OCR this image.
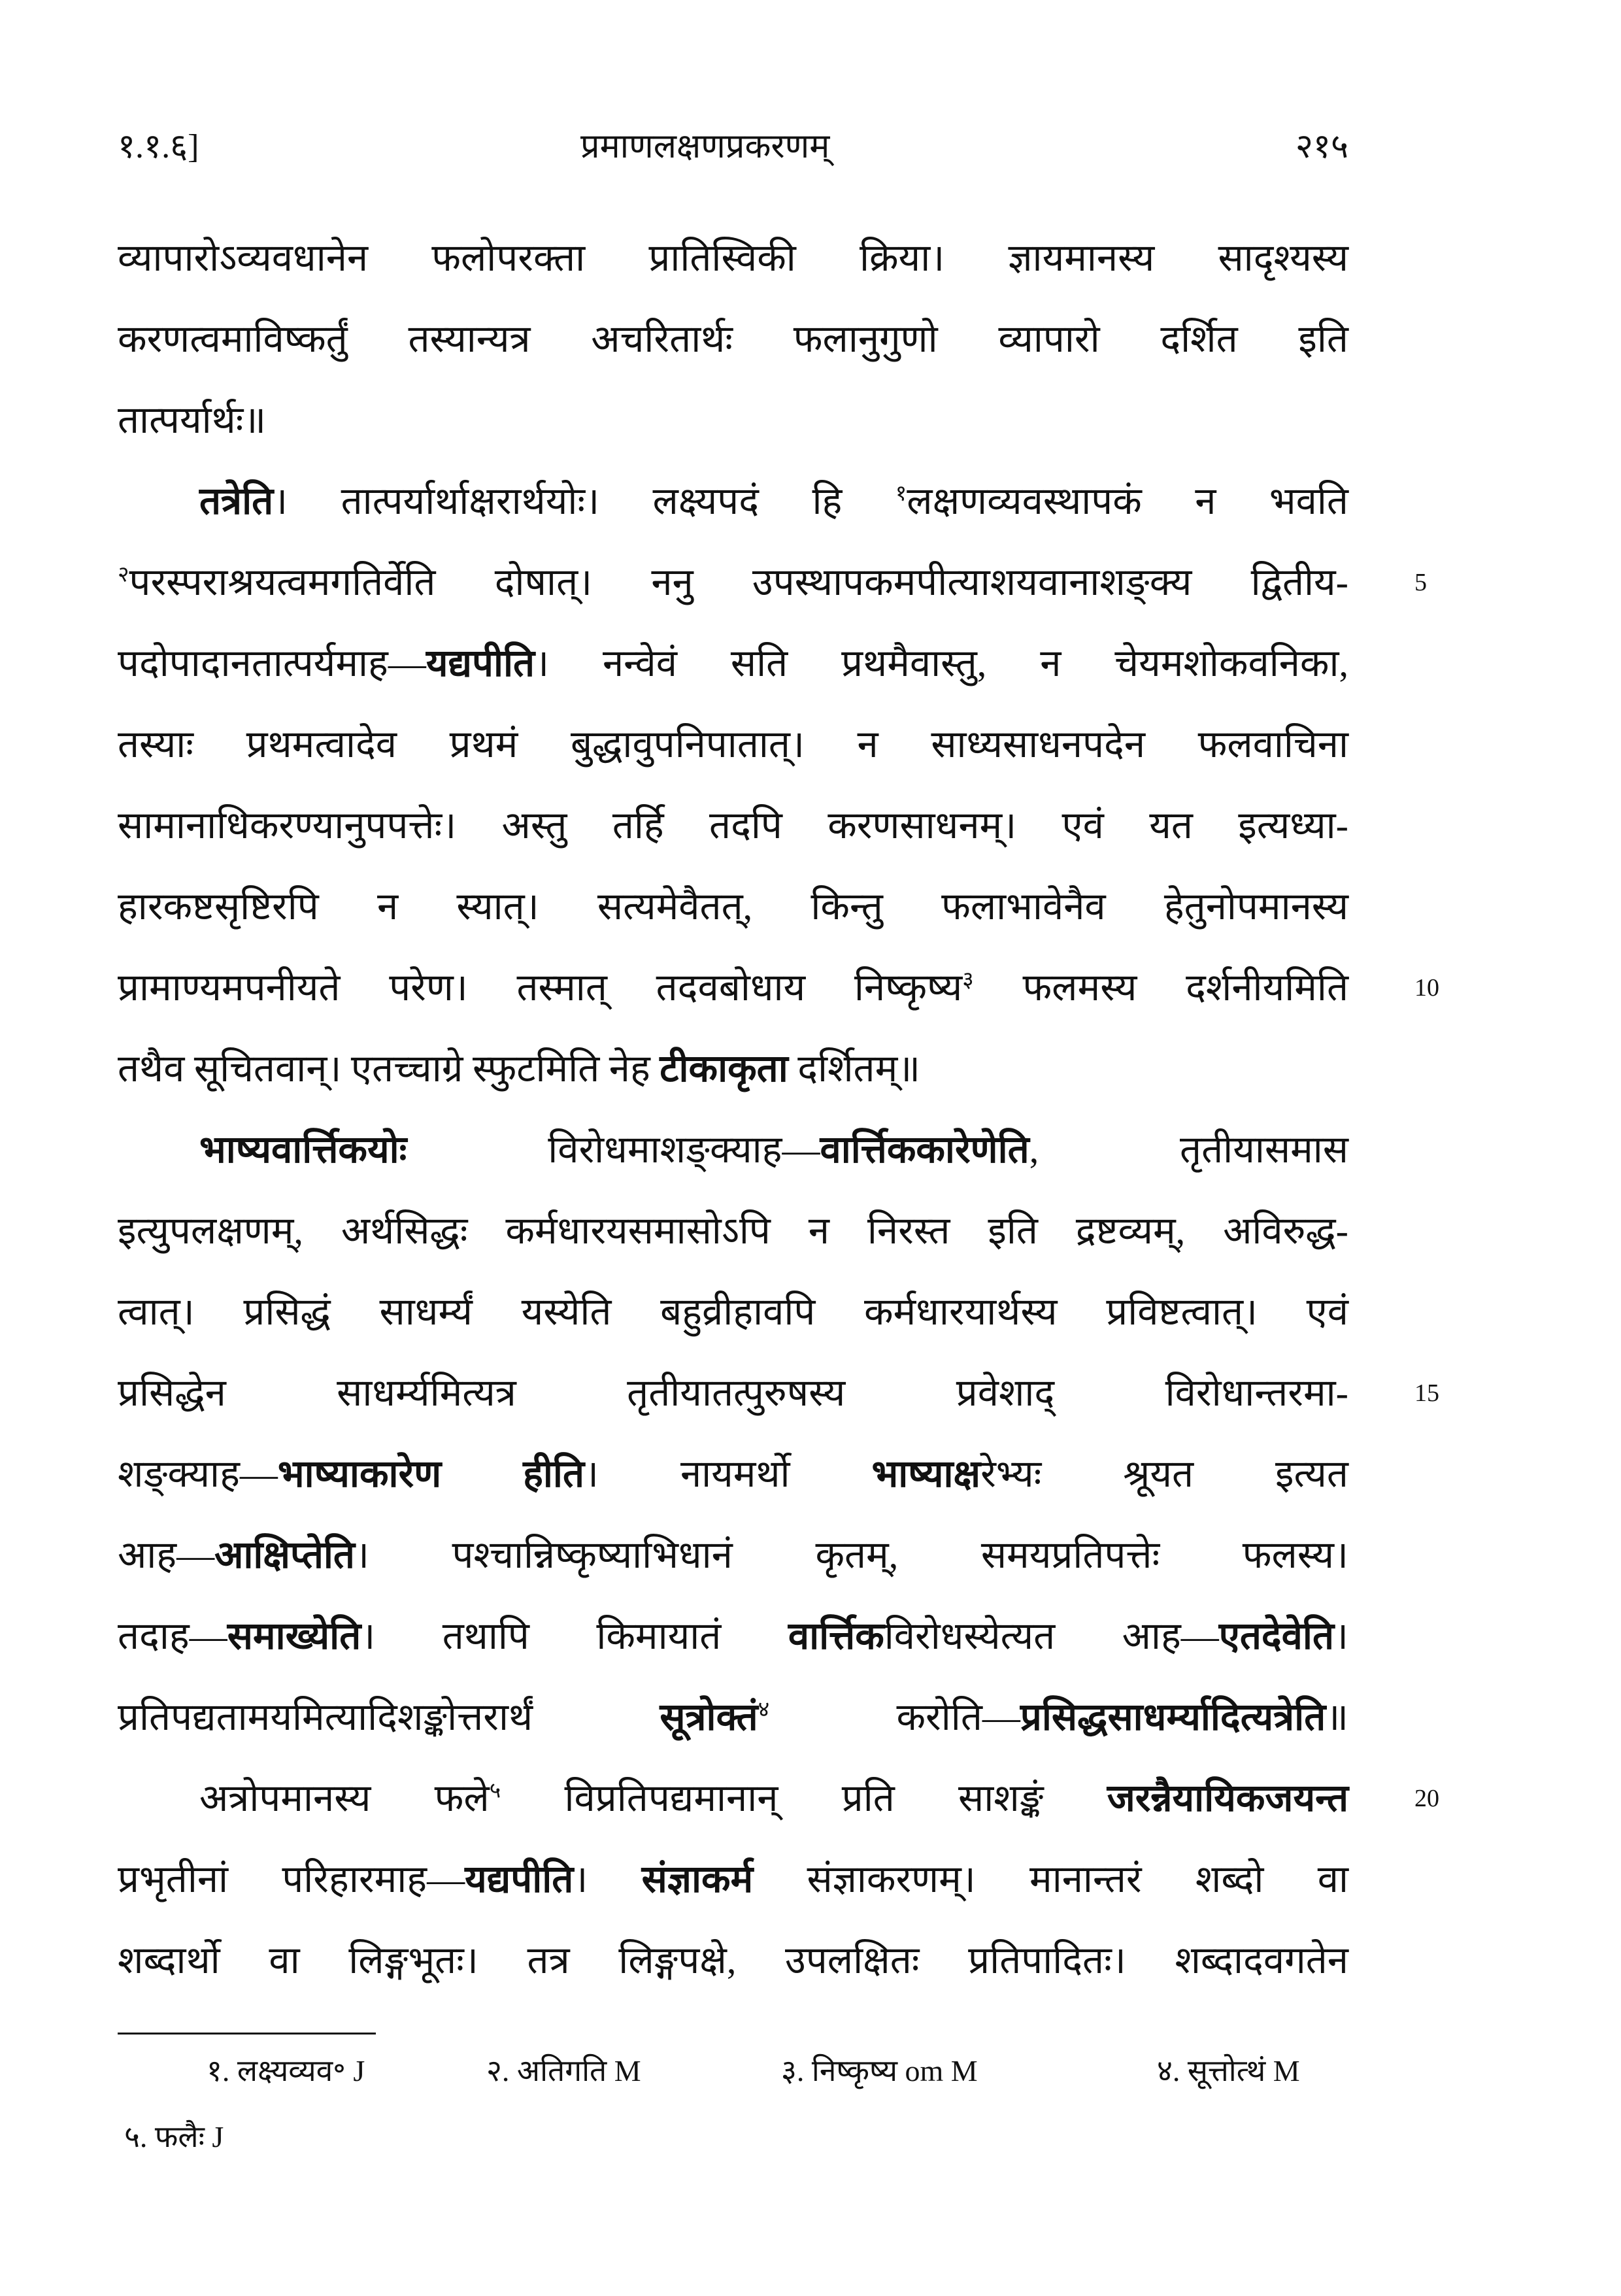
१.१.६]	प्रमाणलक्षणप्रकरणम्	२१५
व्यापारोऽव्यवधानेन फलोपरक्ता प्रातिस्विकी क्रिया। ज्ञायमानस्य सादृश्यस्य
करणत्वमाविष्कर्तुं तस्यान्यत्र अचरितार्थः फलानुगुणो व्यापारो दर्शित इति
तात्पर्यार्थः॥
तत्रेति। तात्पर्यार्थाक्षरार्थयोः। लक्ष्यपदं हि $^१$लक्षणव्यवस्थापकं न भवति
$^२$परस्पराश्रयत्वमगतिर्वेति दोषात्। ननु उपस्थापकमपीत्याशयवानाशङ्क्य द्वितीय-	5
पदोपादानतात्पर्यमाह—यद्यपीति। नन्वेवं सति प्रथमैवास्तु, न चेयमशोकवनिका,
तस्याः प्रथमत्वादेव प्रथमं बुद्धावुपनिपातात्। न साध्यसाधनपदेन फलवाचिना
सामानाधिकरण्यानुपपत्तेः। अस्तु तर्हि तदपि करणसाधनम्। एवं यत इत्यध्या-
हारकष्टसृष्टिरपि न स्यात्। सत्यमेवैतत्, किन्तु फलाभावेनैव हेतुनोपमानस्य
प्रामाण्यमपनीयते परेण। तस्मात् तदवबोधाय निष्कृष्य$^३$ फलमस्य दर्शनीयमिति	10
तथैव सूचितवान्। एतच्चाग्रे स्फुटमिति नेह टीकाकृता दर्शितम्॥
भाष्यवार्त्तिकयोः विरोधमाशङ्क्याह—वार्त्तिककारेणेति, तृतीयासमास
इत्युपलक्षणम्, अर्थसिद्धः कर्मधारयसमासोऽपि न निरस्त इति द्रष्टव्यम्, अविरुद्ध-
त्वात्। प्रसिद्धं साधर्म्यं यस्येति बहुव्रीहावपि कर्मधारयार्थस्य प्रविष्टत्वात्। एवं
प्रसिद्धेन साधर्म्यमित्यत्र तृतीयातत्पुरुषस्य प्रवेशाद् विरोधान्तरमा-	15
शङ्क्याह—भाष्याकारेण हीति। नायमर्थो भाष्याक्षरेभ्यः श्रूयत इत्यत
आह—आक्षिप्तेति। पश्चान्निष्कृष्याभिधानं कृतम्, समयप्रतिपत्तेः फलस्य।
तदाह—समाख्येति। तथापि किमायातं वार्त्तिकविरोधस्येत्यत आह—एतदेवेति।
प्रतिपद्यतामयमित्यादिशङ्कोत्तरार्थं सूत्रोक्तं$^४$ करोति—प्रसिद्धसाधर्म्यादित्यत्रेति॥
अत्रोपमानस्य फले$^५$ विप्रतिपद्यमानान् प्रति साशङ्कं जरन्नैयायिकजयन्त	20
प्रभृतीनां परिहारमाह—यद्यपीति। संज्ञाकर्म संज्ञाकरणम्। मानान्तरं शब्दो वा
शब्दार्थो वा लिङ्गभूतः। तत्र लिङ्गपक्षे, उपलक्षितः प्रतिपादितः। शब्दादवगतेन
१. लक्ष्यव्यव॰ J	२. अतिगति M	३. निष्कृष्य om M	४. सूत्तोत्थं M
५. फलैः J
